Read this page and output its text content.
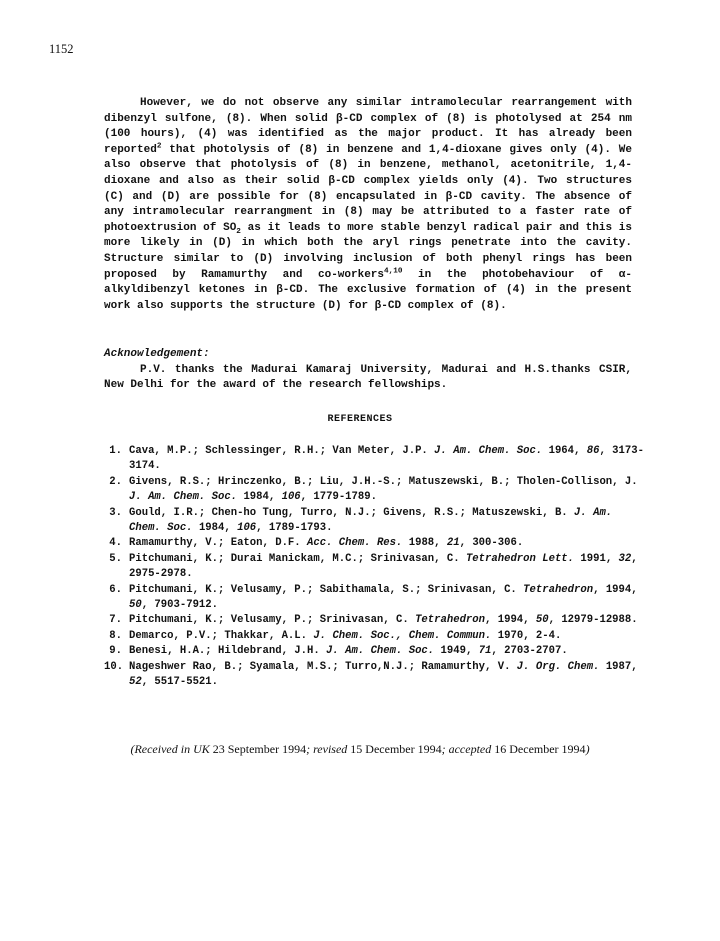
1152

However, we do not observe any similar intramolecular rearrangement with dibenzyl sulfone, (8). When solid β-CD complex of (8) is photolysed at 254 nm (100 hours), (4) was identified as the major product. It has already been reported$^2$ that photolysis of (8) in benzene and 1,4-dioxane gives only (4). We also observe that photolysis of (8) in benzene, methanol, acetonitrile, 1,4-dioxane and also as their solid β-CD complex yields only (4). Two structures (C) and (D) are possible for (8) encapsulated in β-CD cavity. The absence of any intramolecular rearrangment in (8) may be attributed to a faster rate of photoextrusion of $SO_2$ as it leads to more stable benzyl radical pair and this is more likely in (D) in which both the aryl rings penetrate into the cavity. Structure similar to (D) involving inclusion of both phenyl rings has been proposed by Ramamurthy and co-workers$^{4,10}$ in the photobehaviour of α-alkyldibenzyl ketones in β-CD. The exclusive formation of (4) in the present work also supports the structure (D) for β-CD complex of (8).

Acknowledgement:
P.V. thanks the Madurai Kamaraj University, Madurai and H.S.thanks CSIR, New Delhi for the award of the research fellowships.
REFERENCES
1 .	Cava, M.P.; Schlessinger, R.H.; Van Meter, J.P. J. Am. Chem. Soc. 1964, 86, 3173-3174.
2 .	Givens, R.S.; Hrinczenko, B.; Liu, J.H.-S.; Matuszewski, B.; Tholen-Collison, J. J. Am. Chem. Soc. 1984, 106, 1779-1789.
3 .	Gould, I.R.; Chen-ho Tung, Turro, N.J.; Givens, R.S.; Matuszewski, B. J. Am. Chem. Soc. 1984, 106, 1789-1793.
4 .	Ramamurthy, V.; Eaton, D.F. Acc. Chem. Res. 1988, 21, 300-306.
5 .	Pitchumani, K.; Durai Manickam, M.C.; Srinivasan, C. Tetrahedron Lett. 1991, 32, 2975-2978.
6 .	Pitchumani, K.; Velusamy, P.; Sabithamala, S.; Srinivasan, C. Tetrahedron, 1994, 50, 7903-7912.
7 .	Pitchumani, K.; Velusamy, P.; Srinivasan, C. Tetrahedron, 1994, 50, 12979-12988.
8 .	Demarco, P.V.; Thakkar, A.L. J. Chem. Soc., Chem. Commun. 1970, 2-4.
9 .	Benesi, H.A.; Hildebrand, J.H. J. Am. Chem. Soc. 1949, 71, 2703-2707.
10 .	Nageshwer Rao, B.; Syamala, M.S.; Turro,N.J.; Ramamurthy, V. J. Org. Chem. 1987, 52, 5517-5521.
(Received in UK 23 September 1994; revised 15 December 1994; accepted 16 December 1994)
